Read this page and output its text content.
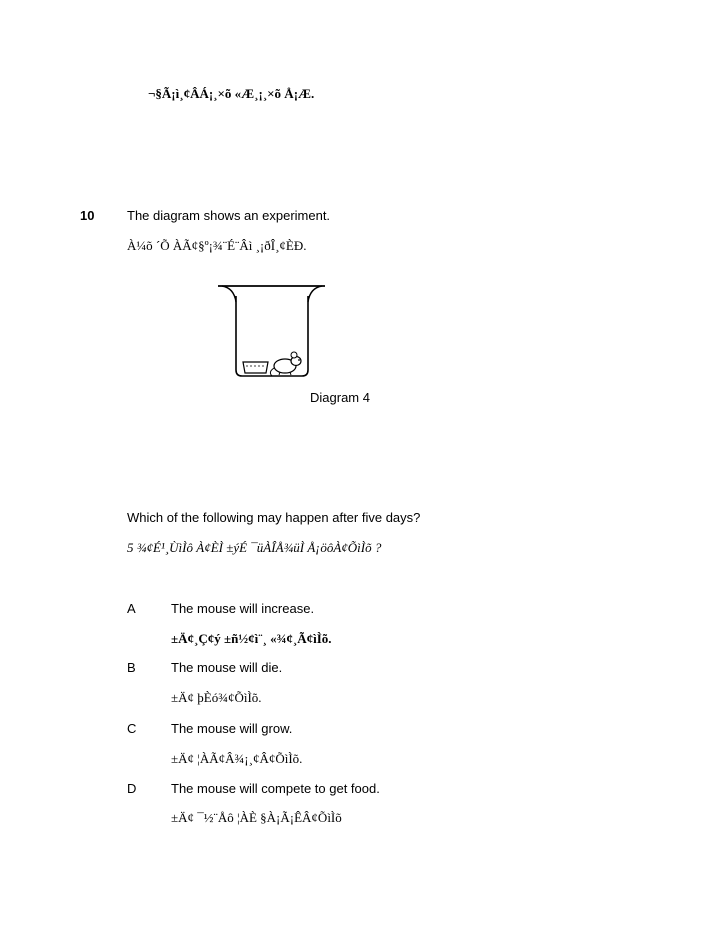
¬§Ã¡ì¸¢ÂÁ¡¸×õ «Æ¸¡¸×õ Å¡Æ.
10	The diagram shows an experiment.
À¼õ ´Õ ÀÃ¢§º¡¾¨É¨Âì ¸¡ðÎ¸¢ÈÐ.
Diagram 4
Which of the following may happen after five days?
5 ¾¢É¹¸ÙìÌô À¢ÈÌ ±ýÉ ¯üÀÎÅ¾üÌ Å¡öôÀ¢ÕìÌõ ?
A	The mouse will increase.
±Ä¢¸Ç¢ý ±ñ½¢ì¨¸ «¾¢¸Ã¢ìÌõ.
B	The mouse will die.
±Ä¢ þÈó¾¢ÕìÌõ.
C	The mouse will grow.
±Ä¢ ¦ÀÃ¢Â¾¡¸¢Â¢ÕìÌõ.
D	The mouse will compete to get food.
±Ä¢ ¯½¨Åô ¦ÀÈ §À¡Ã¡ÊÂ¢ÕìÌõ
